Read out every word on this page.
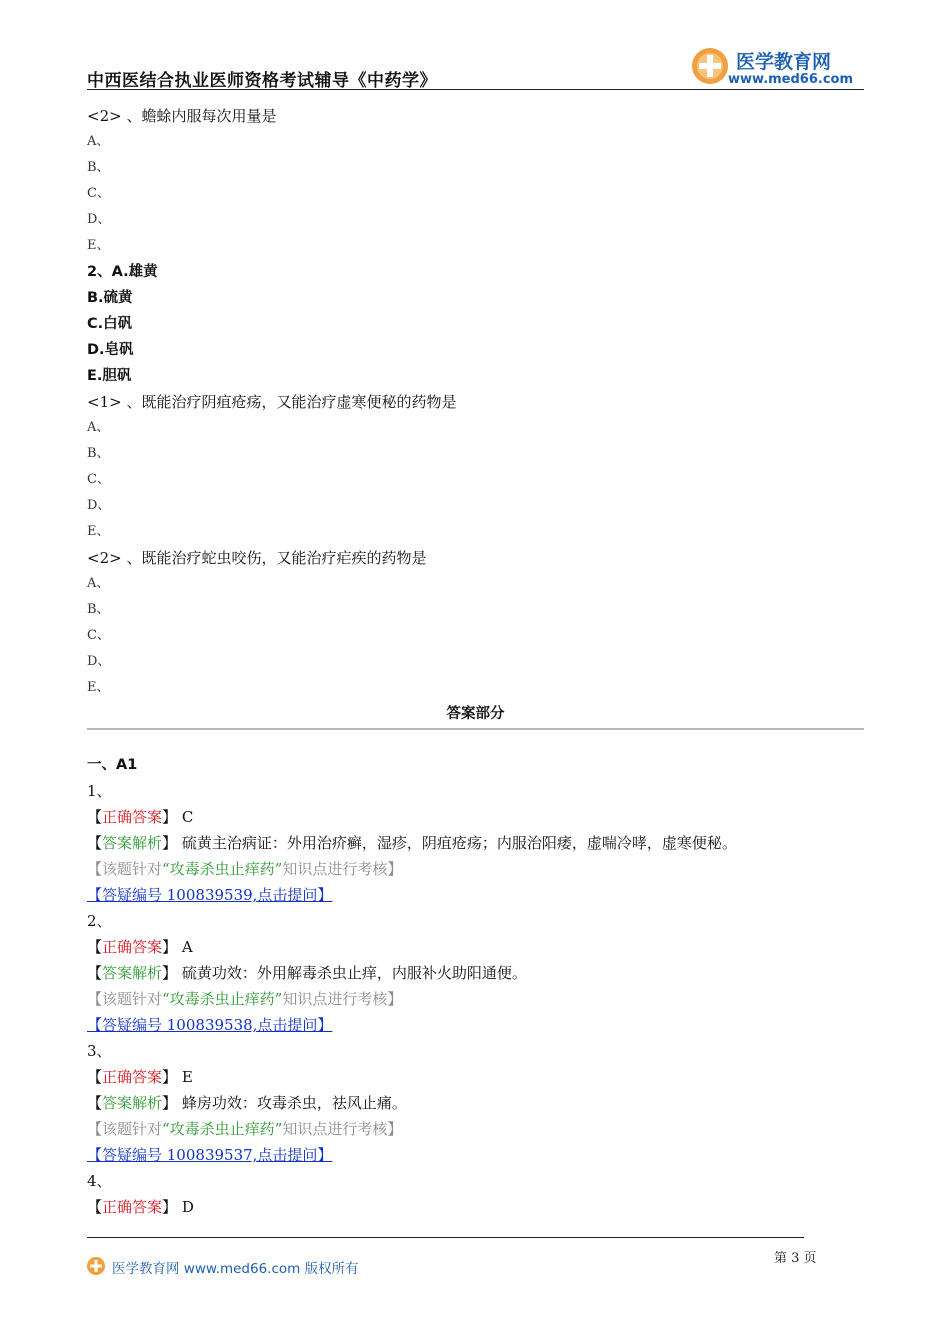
中西医结合执业医师资格考试辅导《中药学》
医学教育网
www.med66.com
<2> 、蟾蜍内服每次用量是
A、
B、
C、
D、
E、
2、A.雄黄
B.硫黄
C.白矾
D.皂矾
E.胆矾
<1> 、既能治疗阴疽疮疡，又能治疗虚寒便秘的药物是
A、
B、
C、
D、
E、
<2> 、既能治疗蛇虫咬伤，又能治疗疟疾的药物是
A、
B、
C、
D、
E、
答案部分
一、A1
1、
【正确答案】 C
【答案解析】 硫黄主治病证：外用治疥癣，湿疹，阴疽疮疡；内服治阳痿，虚喘冷哮，虚寒便秘。
【该题针对“攻毒杀虫止痒药”知识点进行考核】
【答疑编号 100839539,点击提问】
2、
【正确答案】 A
【答案解析】 硫黄功效：外用解毒杀虫止痒，内服补火助阳通便。
【该题针对“攻毒杀虫止痒药”知识点进行考核】
【答疑编号 100839538,点击提问】
3、
【正确答案】 E
【答案解析】 蜂房功效：攻毒杀虫，祛风止痛。
【该题针对“攻毒杀虫止痒药”知识点进行考核】
【答疑编号 100839537,点击提问】
4、
【正确答案】 D
第 3 页
医学教育网 www.med66.com 版权所有
